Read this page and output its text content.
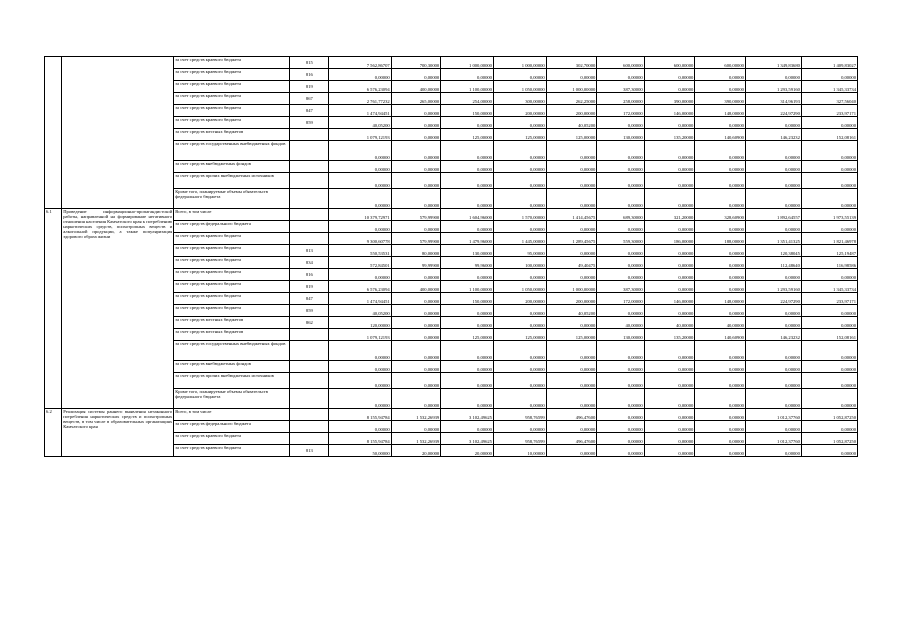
		за счет средств краевого бюджета	815	7 562,86707	700,30000	1 000,00000	1 000,00000	302,70000	600,00000	600,00000	600,00000	1 349,83680	1 409,83027
		за счет средств краевого бюджета	816	0,00000	0,00000	0,00000	0,00000	0,00000	0,00000	0,00000	0,00000	0,00000	0,00000
		за счет средств краевого бюджета	819	6 576,23094	400,00000	1 100,00000	1 050,00000	1 000,00000	387,30000	0,00000	0,00000	1 293,59160	1 345,33734
		за счет средств краевого бюджета	867	2 761,77232	265,00000	254,00000	300,00000	262,25000	258,00000	390,00000	390,00000	314,96193	327,56040
		за счет средств краевого бюджета	847	1 474,94451	0,00000	150,00000	200,00000	200,00000	172,00000	146,00000	148,00000	224,97290	233,97171
		за счет средств краевого бюджета	859	40,05200	0,00000	0,00000	0,00000	40,05200	0,00000	0,00000	0,00000	0,00000	0,00000
		за счет средств местных бюджетов		1 079,12193	0,00000	125,00000	125,00000	125,00000	130,00000	135,20000	140,60900	146,23232	152,08161
		за счет средств государственных внебюджетных фондов		0,00000	0,00000	0,00000	0,00000	0,00000	0,00000	0,00000	0,00000	0,00000	0,00000
		за счет средств внебюджетных фондов		0,00000	0,00000	0,00000	0,00000	0,00000	0,00000	0,00000	0,00000	0,00000	0,00000
		за счет средств прочих внебюджетных источников		0,00000	0,00000	0,00000	0,00000	0,00000	0,00000	0,00000	0,00000	0,00000	0,00000
		Кроме того, планируемые объемы обязательств федерального бюджета		0,00000	0,00000	0,00000	0,00000	0,00000	0,00000	0,00000	0,00000	0,00000	0,00000
6.1	Проведение информационно-пропагандистской работы, направленной на формирование негативного отношения населения Камчатского края к потреблению наркотических средств, психотропных веществ и алкогольной продукции, а также популяризация здорового образа жизни	Всего, в том числе		10 379,72971	579,99900	1 604,96000	1 570,00000	1 414,45675	689,30000	321,20000	328,60900	1 892,64557	1 973,55139
		за счет средств федерального бюджета		0,00000	0,00000	0,00000	0,00000	0,00000	0,00000	0,00000	0,00000	0,00000	0,00000
		за счет средств краевого бюджета		9 300,60778	579,99900	1 479,96000	1 445,00000	1 289,45675	559,30000	186,00000	188,00000	1 351,41325	1 821,46978
		за счет средств краевого бюджета	813	550,53531	80,00000	130,00000	95,00000	0,00000	0,00000	0,00000	0,00000	120,38045	125,19487
		за счет средств краевого бюджета	834	572,84501	99,99900	99,96000	100,00000	49,40475	0,00000	0,00000	0,00000	112,48640	116,98586
		за счет средств краевого бюджета	816	0,00000	0,00000	0,00000	0,00000	0,00000	0,00000	0,00000	0,00000	0,00000	0,00000
		за счет средств краевого бюджета	819	6 576,23094	400,00000	1 100,00000	1 050,00000	1 000,00000	387,30000	0,00000	0,00000	1 293,59160	1 345,33734
		за счет средств краевого бюджета	847	1 474,94451	0,00000	150,00000	200,00000	200,00000	172,00000	146,00000	148,00000	224,97290	233,97171
		за счет средств краевого бюджета	859	40,05200	0,00000	0,00000	0,00000	40,05200	0,00000	0,00000	0,00000	0,00000	0,00000
		за счет средств местных бюджетов	862	120,00000	0,00000	0,00000	0,00000	0,00000	40,00000	40,00000	40,00000	0,00000	0,00000
		за счет средств местных бюджетов		1 079,12193	0,00000	125,00000	125,00000	125,00000	130,00000	135,20000	140,60900	146,23232	152,08161
		за счет средств государственных внебюджетных фондов		0,00000	0,00000	0,00000	0,00000	0,00000	0,00000	0,00000	0,00000	0,00000	0,00000
		за счет средств внебюджетных фондов		0,00000	0,00000	0,00000	0,00000	0,00000	0,00000	0,00000	0,00000	0,00000	0,00000
		за счет средств прочих внебюджетных источников		0,00000	0,00000	0,00000	0,00000	0,00000	0,00000	0,00000	0,00000	0,00000	0,00000
		Кроме того, планируемые объемы обязательств федерального бюджета		0,00000	0,00000	0,00000	0,00000	0,00000	0,00000	0,00000	0,00000	0,00000	0,00000
6.2	Реализация системы раннего выявления незаконного потребления наркотических средств и психотропных веществ, в том числе в образовательных организациях Камчатского края	Всего, в том числе		8 155,94784	1 532,26939	3 102,49625	958,76599	496,47600	0,00000	0,00000	0,00000	1 012,37760	1 052,87250
		за счет средств федерального бюджета		0,00000	0,00000	0,00000	0,00000	0,00000	0,00000	0,00000	0,00000	0,00000	0,00000
		за счет средств краевого бюджета		8 155,94784	1 532,26939	3 102,49625	958,76599	496,47600	0,00000	0,00000	0,00000	1 012,37760	1 052,87250
		за счет средств краевого бюджета	813	50,00000	20,00000	20,00000	10,00000	0,00000	0,00000	0,00000	0,00000	0,00000	0,00000
